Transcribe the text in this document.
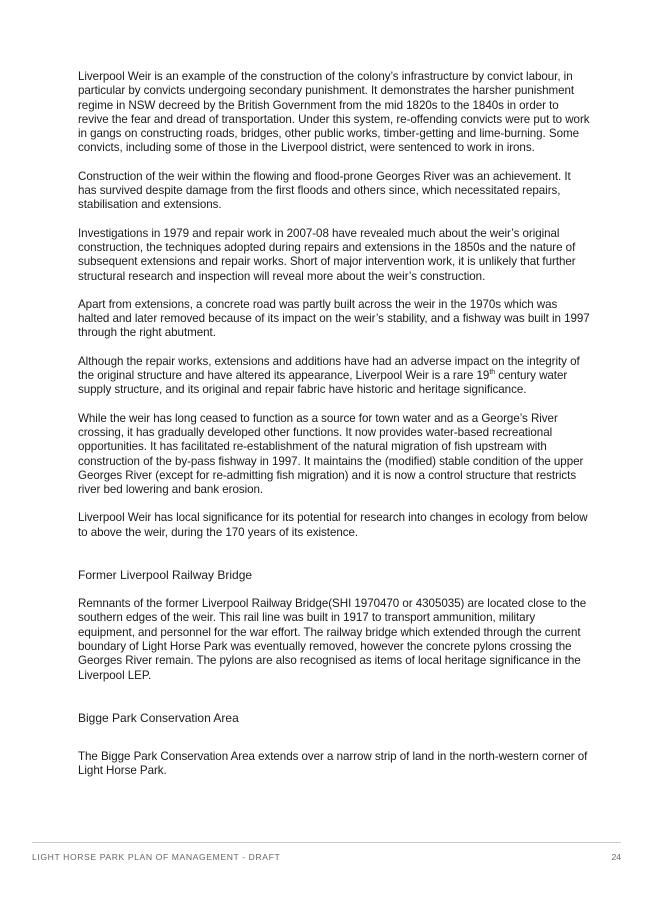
Liverpool Weir is an example of the construction of the colony’s infrastructure by convict labour, in particular by convicts undergoing secondary punishment. It demonstrates the harsher punishment regime in NSW decreed by the British Government from the mid 1820s to the 1840s in order to revive the fear and dread of transportation. Under this system, re-offending convicts were put to work in gangs on constructing roads, bridges, other public works, timber-getting and lime-burning. Some convicts, including some of those in the Liverpool district, were sentenced to work in irons.

Construction of the weir within the flowing and flood-prone Georges River was an achievement. It has survived despite damage from the first floods and others since, which necessitated repairs, stabilisation and extensions.

Investigations in 1979 and repair work in 2007-08 have revealed much about the weir’s original construction, the techniques adopted during repairs and extensions in the 1850s and the nature of subsequent extensions and repair works. Short of major intervention work, it is unlikely that further structural research and inspection will reveal more about the weir’s construction.

Apart from extensions, a concrete road was partly built across the weir in the 1970s which was halted and later removed because of its impact on the weir’s stability, and a fishway was built in 1997 through the right abutment.

Although the repair works, extensions and additions have had an adverse impact on the integrity of the original structure and have altered its appearance, Liverpool Weir is a rare 19th century water supply structure, and its original and repair fabric have historic and heritage significance.

While the weir has long ceased to function as a source for town water and as a George’s River crossing, it has gradually developed other functions. It now provides water-based recreational opportunities. It has facilitated re-establishment of the natural migration of fish upstream with construction of the by-pass fishway in 1997. It maintains the (modified) stable condition of the upper Georges River (except for re-admitting fish migration) and it is now a control structure that restricts river bed lowering and bank erosion.

Liverpool Weir has local significance for its potential for research into changes in ecology from below to above the weir, during the 170 years of its existence.

Former Liverpool Railway Bridge

Remnants of the former Liverpool Railway Bridge(SHI 1970470 or 4305035) are located close to the southern edges of the weir. This rail line was built in 1917 to transport ammunition, military equipment, and personnel for the war effort. The railway bridge which extended through the current boundary of Light Horse Park was eventually removed, however the concrete pylons crossing the Georges River remain. The pylons are also recognised as items of local heritage significance in the Liverpool LEP.

Bigge Park Conservation Area

The Bigge Park Conservation Area extends over a narrow strip of land in the north-western corner of Light Horse Park.

LIGHT HORSE PARK PLAN OF MANAGEMENT - DRAFT	24
